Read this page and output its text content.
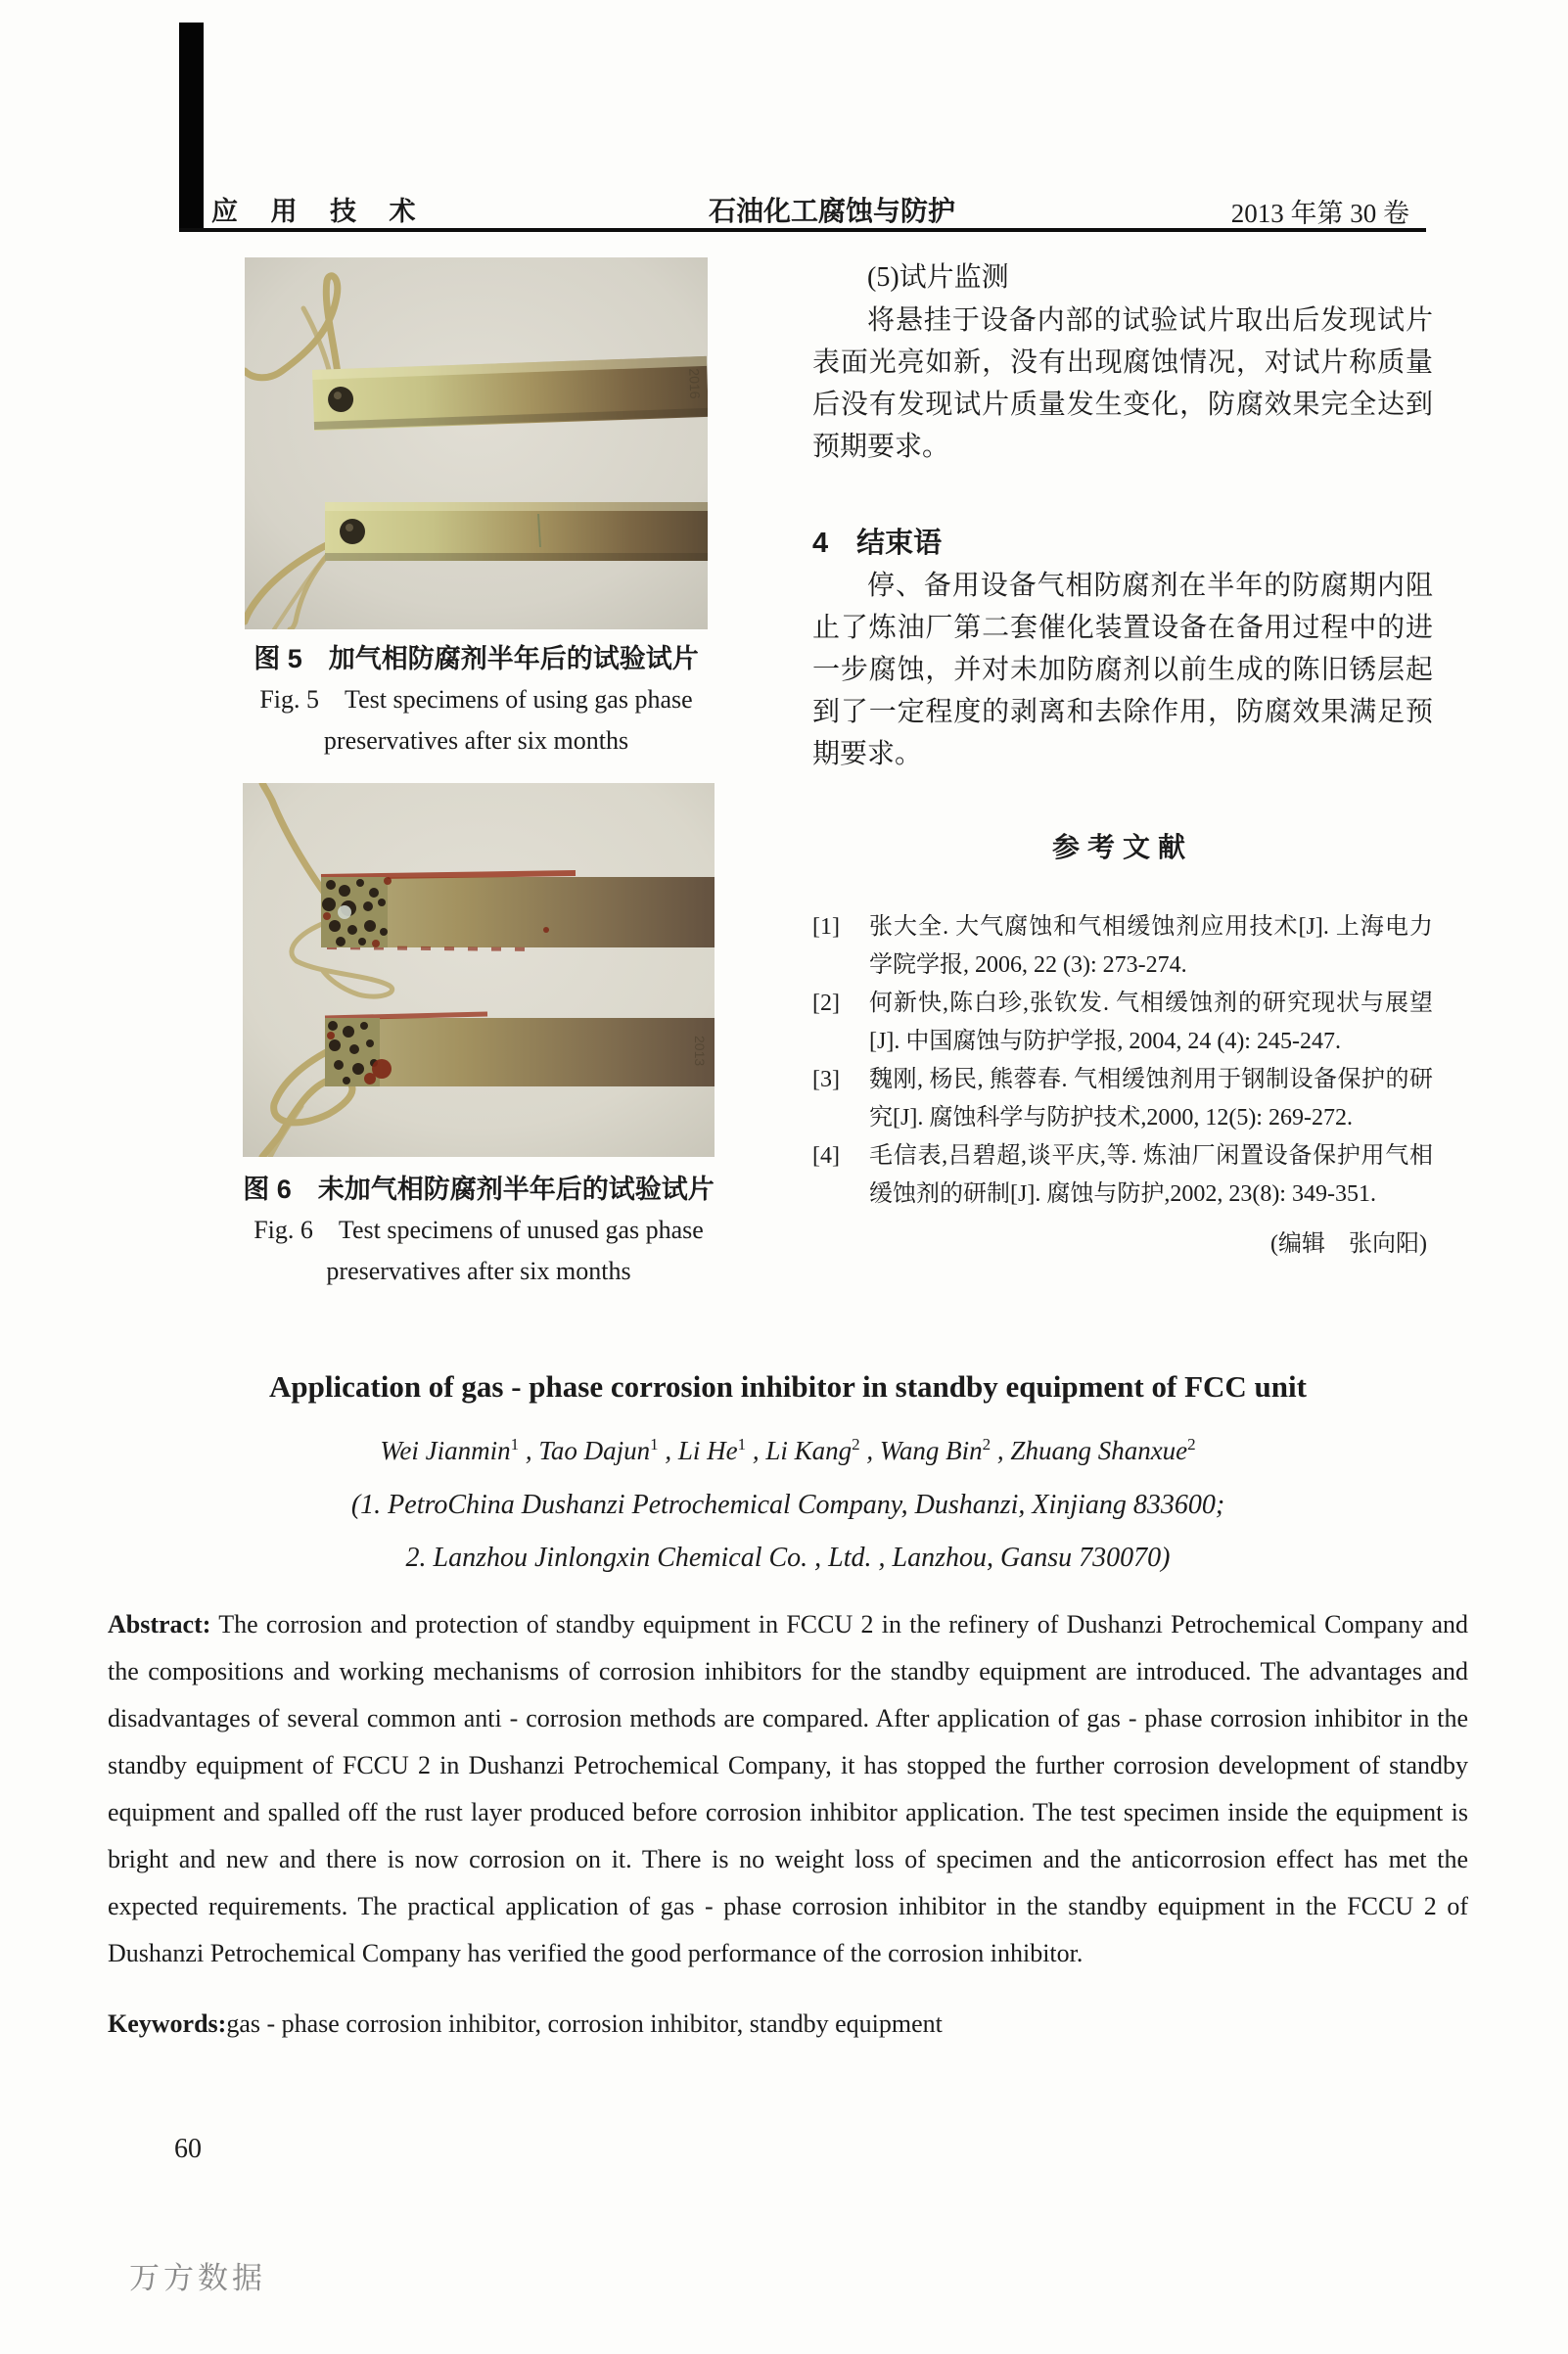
应 用 技 术	石油化工腐蚀与防护	2013 年第 30 卷
2016
图 5　加气相防腐剂半年后的试验试片
Fig. 5　Test specimens of using gas phase
preservatives after six months
2013
图 6　未加气相防腐剂半年后的试验试片
Fig. 6　Test specimens of unused gas phase
preservatives after six months
(5)试片监测

将悬挂于设备内部的试验试片取出后发现试片表面光亮如新，没有出现腐蚀情况，对试片称质量后没有发现试片质量发生变化，防腐效果完全达到预期要求。

4　结束语

停、备用设备气相防腐剂在半年的防腐期内阻止了炼油厂第二套催化装置设备在备用过程中的进一步腐蚀，并对未加防腐剂以前生成的陈旧锈层起到了一定程度的剥离和去除作用，防腐效果满足预期要求。

参考文献
[1]	张大全. 大气腐蚀和气相缓蚀剂应用技术[J]. 上海电力学院学报, 2006, 22 (3): 273-274.
[2]	何新快,陈白珍,张钦发. 气相缓蚀剂的研究现状与展望[J]. 中国腐蚀与防护学报, 2004, 24 (4): 245-247.
[3]	魏刚, 杨民, 熊蓉春. 气相缓蚀剂用于钢制设备保护的研究[J]. 腐蚀科学与防护技术,2000, 12(5): 269-272.
[4]	毛信表,吕碧超,谈平庆,等. 炼油厂闲置设备保护用气相缓蚀剂的研制[J]. 腐蚀与防护,2002, 23(8): 349-351.
(编辑　张向阳)
Application of gas - phase corrosion inhibitor in standby equipment of FCC unit
Wei Jianmin$^1$ , Tao Dajun$^1$ , Li He$^1$ , Li Kang$^2$ , Wang Bin$^2$ , Zhuang Shanxue$^2$
(1. PetroChina Dushanzi Petrochemical Company, Dushanzi, Xinjiang 833600;
2. Lanzhou Jinlongxin Chemical Co. , Ltd. , Lanzhou, Gansu 730070)

Abstract: The corrosion and protection of standby equipment in FCCU 2 in the refinery of Dushanzi Petrochemical Company and the compositions and working mechanisms of corrosion inhibitors for the standby equipment are introduced. The advantages and disadvantages of several common anti - corrosion methods are compared. After application of gas - phase corrosion inhibitor in the standby equipment of FCCU 2 in Dushanzi Petrochemical Company, it has stopped the further corrosion development of standby equipment and spalled off the rust layer produced before corrosion inhibitor application. The test specimen inside the equipment is bright and new and there is now corrosion on it. There is no weight loss of specimen and the anticorrosion effect has met the expected requirements. The practical application of gas - phase corrosion inhibitor in the standby equipment in the FCCU 2 of Dushanzi Petrochemical Company has verified the good performance of the corrosion inhibitor.

Keywords:gas - phase corrosion inhibitor, corrosion inhibitor, standby equipment
60
万方数据
